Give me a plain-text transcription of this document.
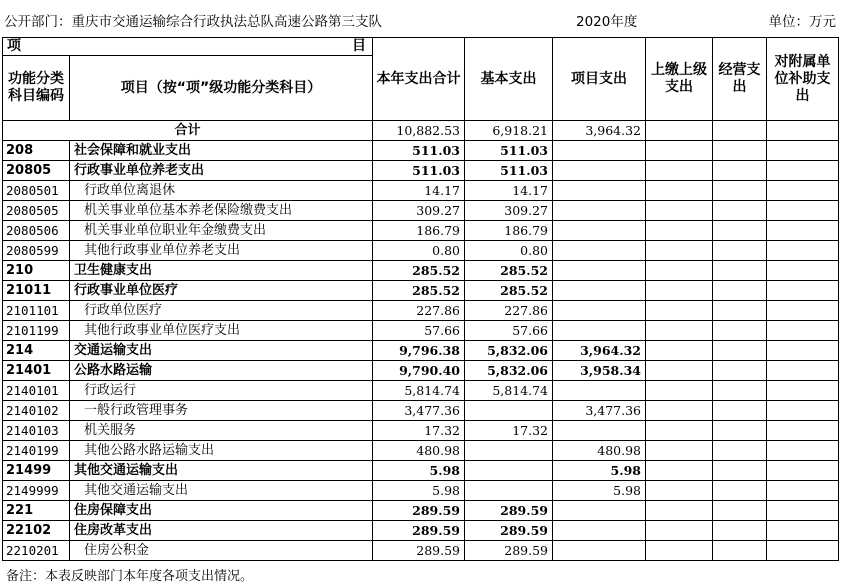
公开部门：重庆市交通运输综合行政执法总队高速公路第三支队	2020年度	单位：万元
项 目		本年支出合计	基本支出	项目支出	上缴上级支出	经营支出	对附属单位补助支出
功能分类科目编码	项目（按“项”级功能分类科目）						
合计		10,882.53	6,918.21	3,964.32			
208	社会保障和就业支出	511.03	511.03				
20805	行政事业单位养老支出	511.03	511.03				
2080501	行政单位离退休	14.17	14.17				
2080505	机关事业单位基本养老保险缴费支出	309.27	309.27				
2080506	机关事业单位职业年金缴费支出	186.79	186.79				
2080599	其他行政事业单位养老支出	0.80	0.80				
210	卫生健康支出	285.52	285.52				
21011	行政事业单位医疗	285.52	285.52				
2101101	行政单位医疗	227.86	227.86				
2101199	其他行政事业单位医疗支出	57.66	57.66				
214	交通运输支出	9,796.38	5,832.06	3,964.32			
21401	公路水路运输	9,790.40	5,832.06	3,958.34			
2140101	行政运行	5,814.74	5,814.74				
2140102	一般行政管理事务	3,477.36		3,477.36			
2140103	机关服务	17.32	17.32				
2140199	其他公路水路运输支出	480.98		480.98			
21499	其他交通运输支出	5.98		5.98			
2149999	其他交通运输支出	5.98		5.98			
221	住房保障支出	289.59	289.59				
22102	住房改革支出	289.59	289.59				
2210201	住房公积金	289.59	289.59				
备注：本表反映部门本年度各项支出情况。
